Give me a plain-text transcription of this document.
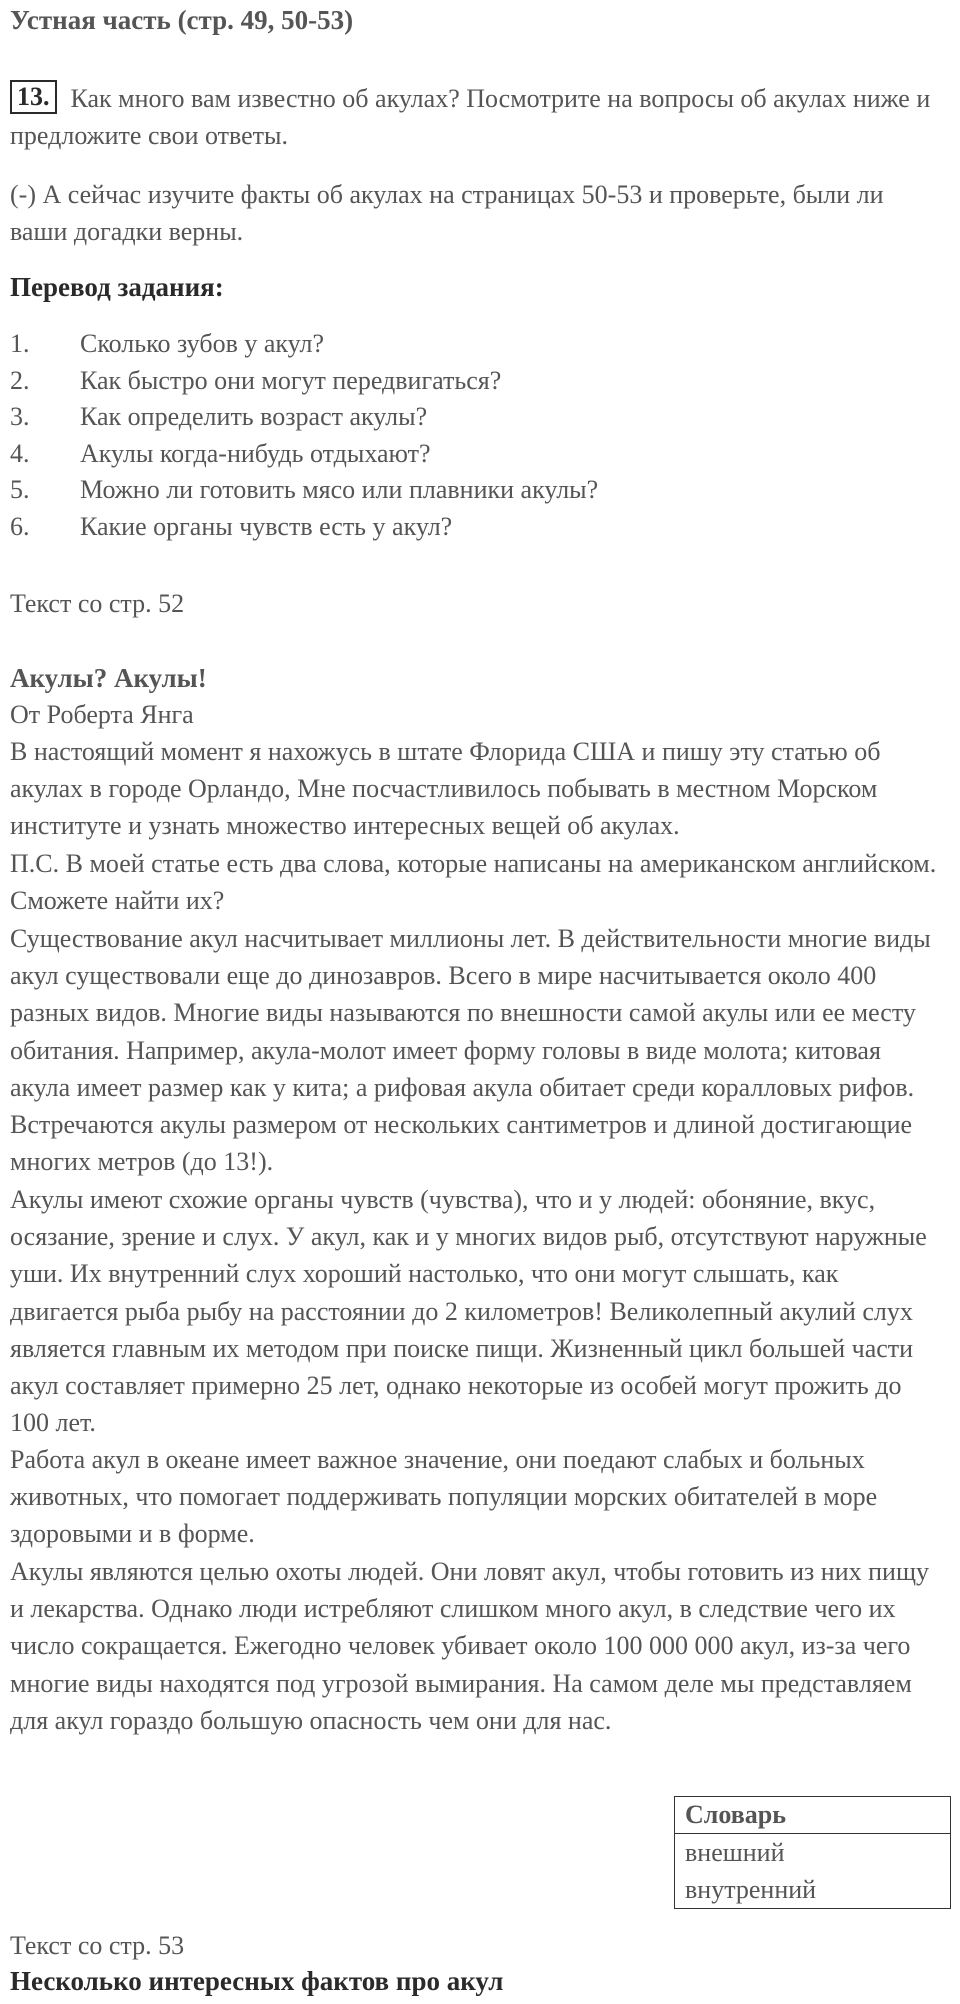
Устная часть (стр. 49, 50-53)
13. Как много вам известно об акулах? Посмотрите на вопросы об акулах ниже и предложите свои ответы.
(-) А сейчас изучите факты об акулах на страницах 50-53 и проверьте, были ли ваши догадки верны.
Перевод задания:
1.	Сколько зубов у акул?
2.	Как быстро они могут передвигаться?
3.	Как определить возраст акулы?
4.	Акулы когда-нибудь отдыхают?
5.	Можно ли готовить мясо или плавники акулы?
6.	Какие органы чувств есть у акул?
Текст со стр. 52
Акулы? Акулы!
От Роберта Янга
В настоящий момент я нахожусь в штате Флорида США и пишу эту статью об акулах в городе Орландо, Мне посчастливилось побывать в местном Морском институте и узнать множество интересных вещей об акулах.
П.С. В моей статье есть два слова, которые написаны на американском английском. Сможете найти их?
Существование акул насчитывает миллионы лет. В действительности многие виды акул существовали еще до динозавров. Всего в мире насчитывается около 400 разных видов. Многие виды называются по внешности самой акулы или ее месту обитания. Например, акула-молот имеет форму головы в виде молота; китовая акула имеет размер как у кита; а рифовая акула обитает среди коралловых рифов. Встречаются акулы размером от нескольких сантиметров и длиной достигающие многих метров (до 13!).
Акулы имеют схожие органы чувств (чувства), что и у людей: обоняние, вкус, осязание, зрение и слух. У акул, как и у многих видов рыб, отсутствуют наружные уши. Их внутренний слух хороший настолько, что они могут слышать, как двигается рыба рыбу на расстоянии до 2 километров! Великолепный акулий слух является главным их методом при поиске пищи. Жизненный цикл большей части акул составляет примерно 25 лет, однако некоторые из особей могут прожить до 100 лет.
Работа акул в океане имеет важное значение, они поедают слабых и больных животных, что помогает поддерживать популяции морских обитателей в море здоровыми и в форме.
Акулы являются целью охоты людей. Они ловят акул, чтобы готовить из них пищу и лекарства. Однако люди истребляют слишком много акул, в следствие чего их число сокращается. Ежегодно человек убивает около 100 000 000 акул, из-за чего многие виды находятся под угрозой вымирания. На самом деле мы представляем для акул гораздо большую опасность чем они для нас.
Словарь
внешний
внутренний
Текст со стр. 53
Несколько интересных фактов про акул
